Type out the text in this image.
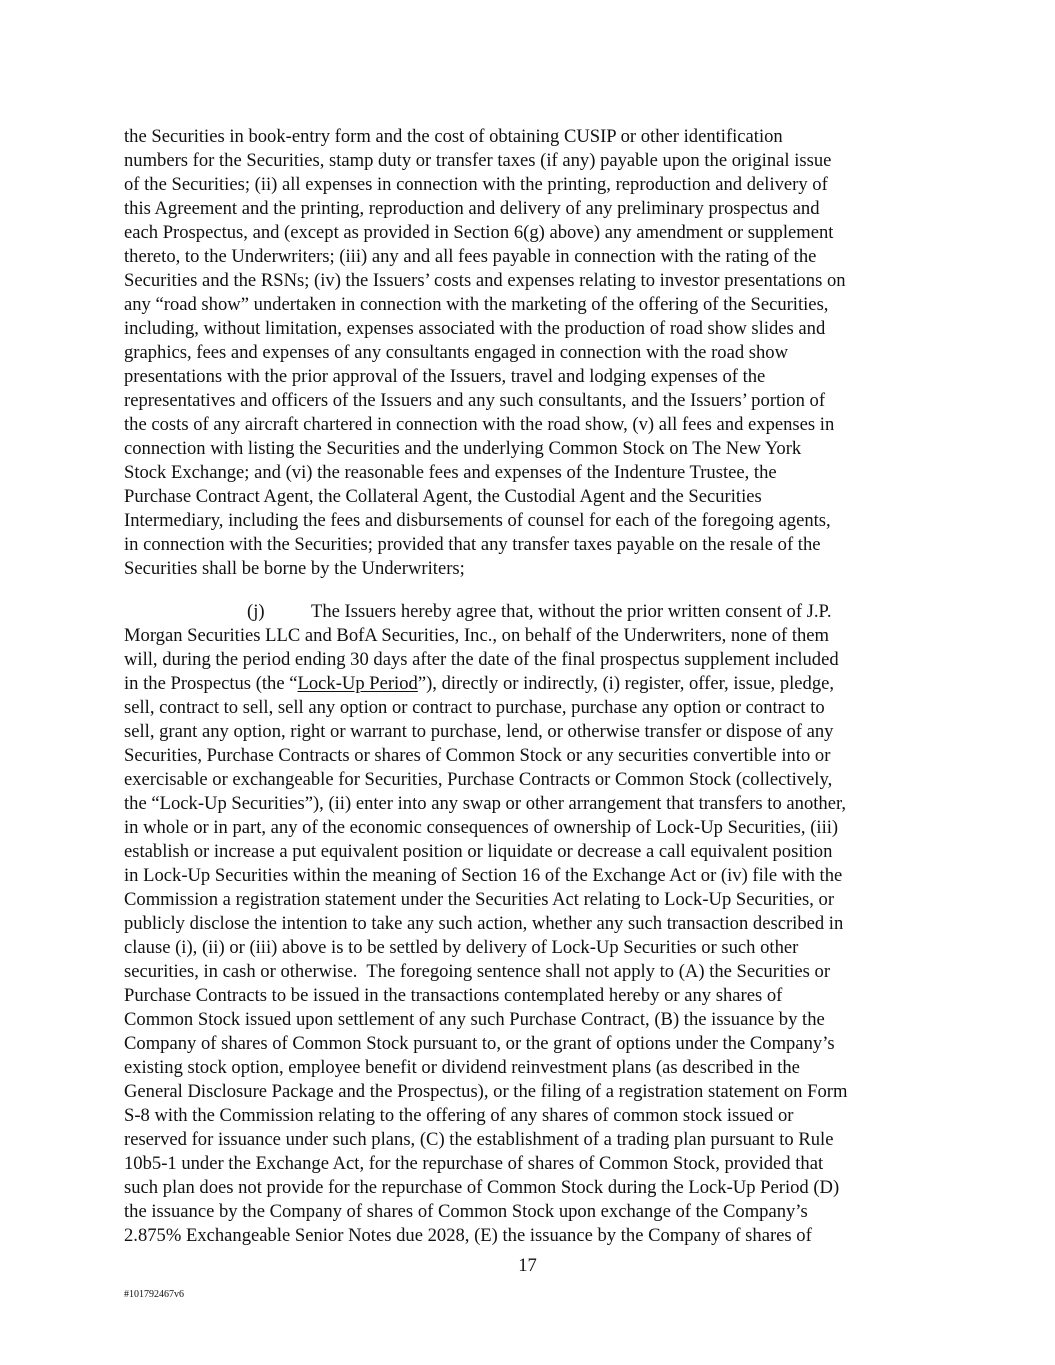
the Securities in book-entry form and the cost of obtaining CUSIP or other identification

numbers for the Securities, stamp duty or transfer taxes (if any) payable upon the original issue

of the Securities; (ii) all expenses in connection with the printing, reproduction and delivery of

this Agreement and the printing, reproduction and delivery of any preliminary prospectus and

each Prospectus, and (except as provided in Section 6(g) above) any amendment or supplement

thereto, to the Underwriters; (iii) any and all fees payable in connection with the rating of the

Securities and the RSNs; (iv) the Issuers’ costs and expenses relating to investor presentations on

any “road show” undertaken in connection with the marketing of the offering of the Securities,

including, without limitation, expenses associated with the production of road show slides and

graphics, fees and expenses of any consultants engaged in connection with the road show

presentations with the prior approval of the Issuers, travel and lodging expenses of the

representatives and officers of the Issuers and any such consultants, and the Issuers’ portion of

the costs of any aircraft chartered in connection with the road show, (v) all fees and expenses in

connection with listing the Securities and the underlying Common Stock on The New York

Stock Exchange; and (vi) the reasonable fees and expenses of the Indenture Trustee, the

Purchase Contract Agent, the Collateral Agent, the Custodial Agent and the Securities

Intermediary, including the fees and disbursements of counsel for each of the foregoing agents,

in connection with the Securities; provided that any transfer taxes payable on the resale of the

Securities shall be borne by the Underwriters;

(j) The Issuers hereby agree that, without the prior written consent of J.P.

Morgan Securities LLC and BofA Securities, Inc., on behalf of the Underwriters, none of them

will, during the period ending 30 days after the date of the final prospectus supplement included

in the Prospectus (the “Lock-Up Period”), directly or indirectly, (i) register, offer, issue, pledge,

sell, contract to sell, sell any option or contract to purchase, purchase any option or contract to

sell, grant any option, right or warrant to purchase, lend, or otherwise transfer or dispose of any

Securities, Purchase Contracts or shares of Common Stock or any securities convertible into or

exercisable or exchangeable for Securities, Purchase Contracts or Common Stock (collectively,

the “Lock-Up Securities”), (ii) enter into any swap or other arrangement that transfers to another,

in whole or in part, any of the economic consequences of ownership of Lock-Up Securities, (iii)

establish or increase a put equivalent position or liquidate or decrease a call equivalent position

in Lock-Up Securities within the meaning of Section 16 of the Exchange Act or (iv) file with the

Commission a registration statement under the Securities Act relating to Lock-Up Securities, or

publicly disclose the intention to take any such action, whether any such transaction described in

clause (i), (ii) or (iii) above is to be settled by delivery of Lock-Up Securities or such other

securities, in cash or otherwise.  The foregoing sentence shall not apply to (A) the Securities or

Purchase Contracts to be issued in the transactions contemplated hereby or any shares of

Common Stock issued upon settlement of any such Purchase Contract, (B) the issuance by the

Company of shares of Common Stock pursuant to, or the grant of options under the Company’s

existing stock option, employee benefit or dividend reinvestment plans (as described in the

General Disclosure Package and the Prospectus), or the filing of a registration statement on Form

S-8 with the Commission relating to the offering of any shares of common stock issued or

reserved for issuance under such plans, (C) the establishment of a trading plan pursuant to Rule

10b5-1 under the Exchange Act, for the repurchase of shares of Common Stock, provided that

such plan does not provide for the repurchase of Common Stock during the Lock-Up Period (D)

the issuance by the Company of shares of Common Stock upon exchange of the Company’s

2.875% Exchangeable Senior Notes due 2028, (E) the issuance by the Company of shares of

17

#101792467v6
